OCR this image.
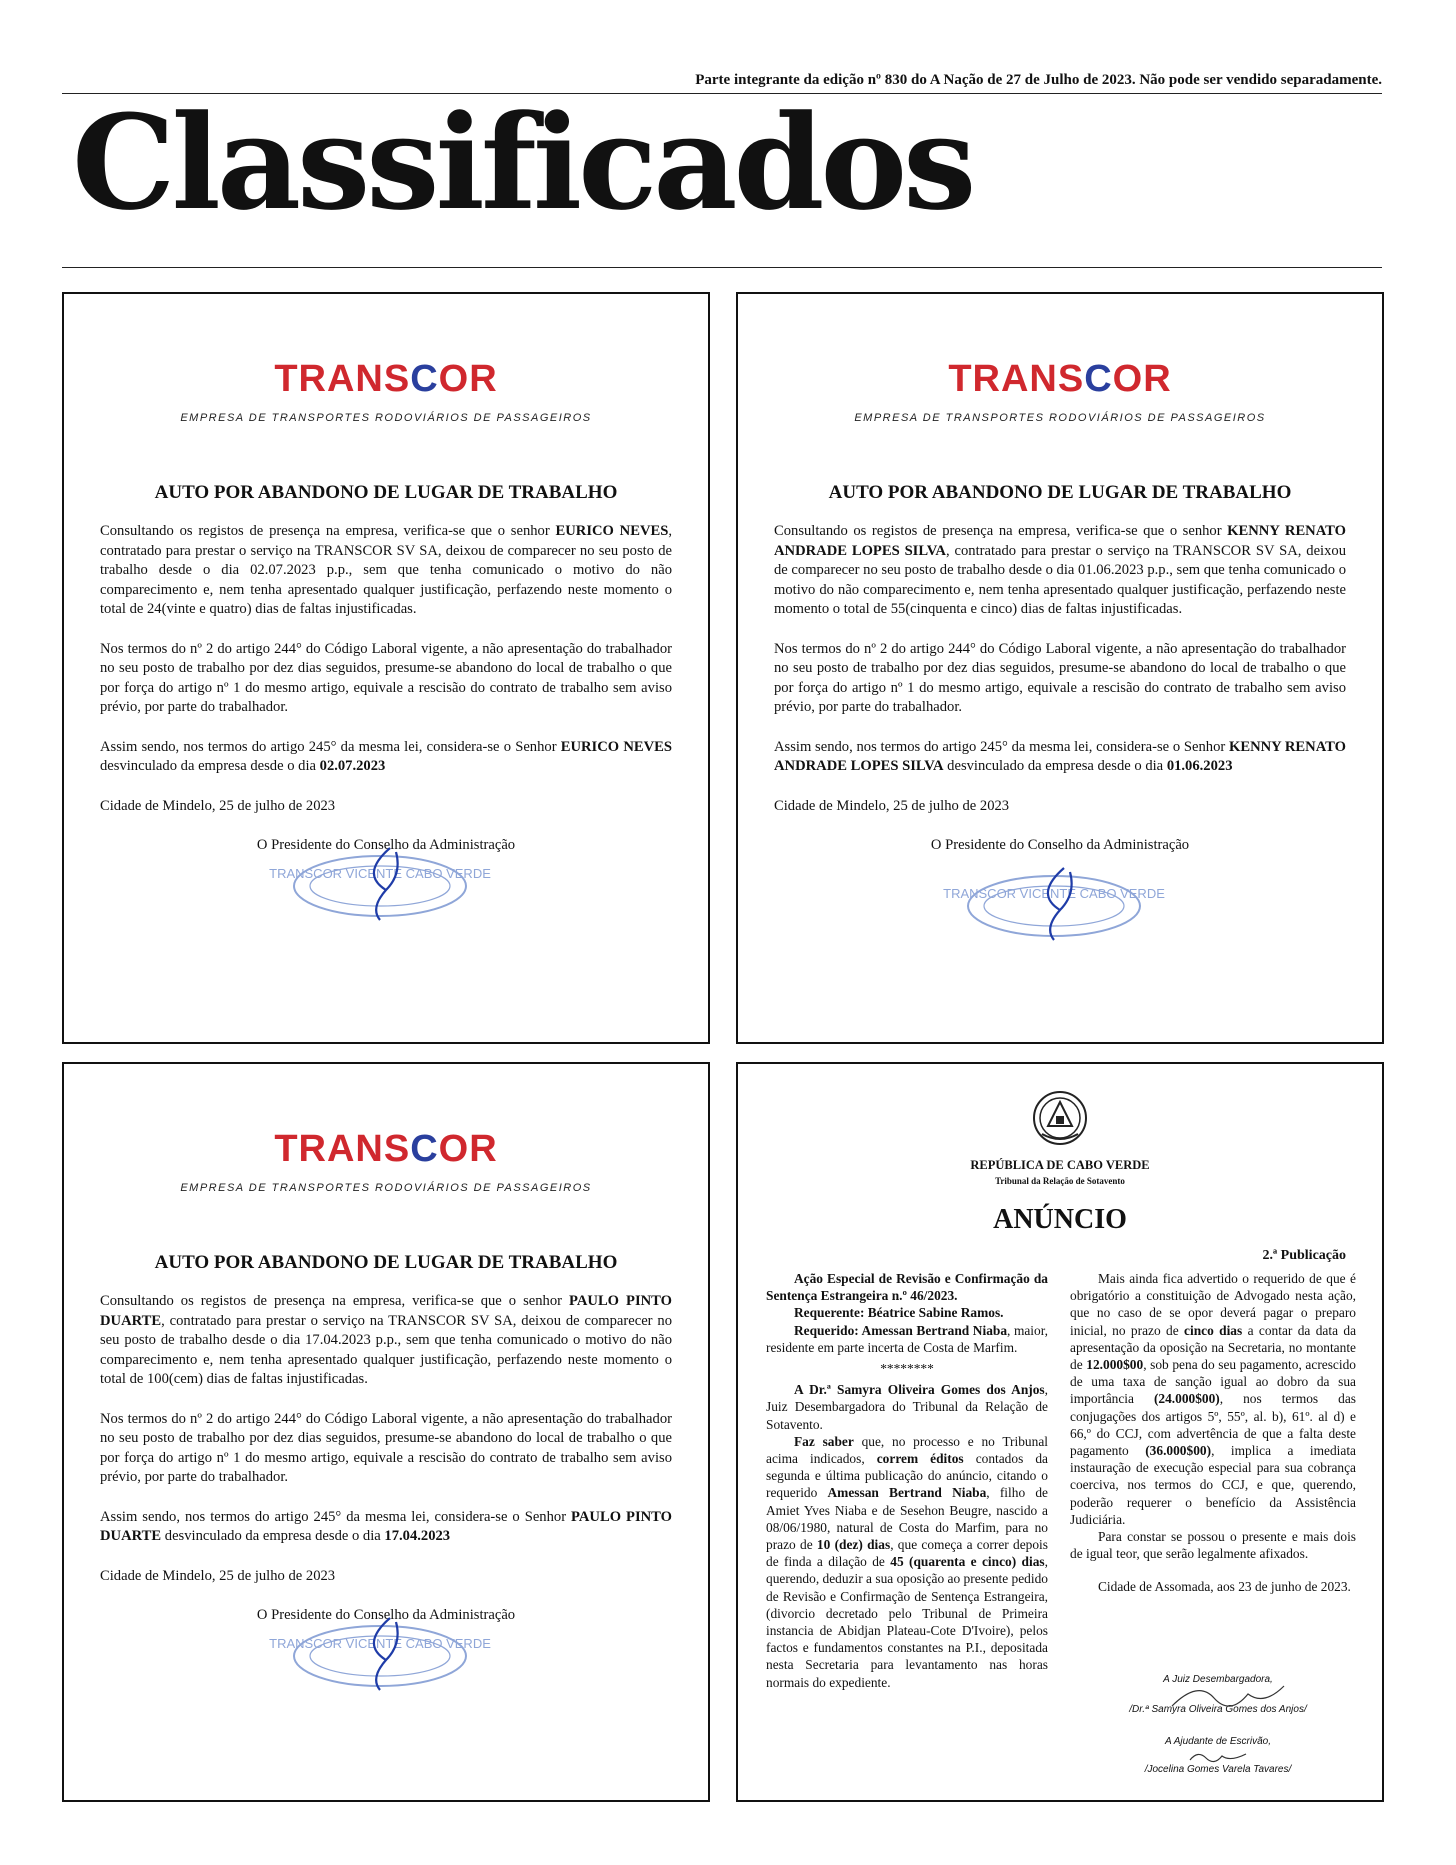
Parte integrante da edição nº 830 do A Nação de 27 de Julho de 2023. Não pode ser vendido separadamente.
Classificados
TRANSCOR
EMPRESA DE TRANSPORTES RODOVIÁRIOS DE PASSAGEIROS
AUTO POR ABANDONO DE LUGAR DE TRABALHO

Consultando os registos de presença na empresa, verifica-se que o senhor EURICO NEVES, contratado para prestar o serviço na TRANSCOR SV SA, deixou de comparecer no seu posto de trabalho desde o dia 02.07.2023 p.p., sem que tenha comunicado o motivo do não comparecimento e, nem tenha apresentado qualquer justificação, perfazendo neste momento o total de 24(vinte e quatro) dias de faltas injustificadas.

Nos termos do nº 2 do artigo 244° do Código Laboral vigente, a não apresentação do trabalhador no seu posto de trabalho por dez dias seguidos, presume-se abandono do local de trabalho o que por força do artigo nº 1 do mesmo artigo, equivale a rescisão do contrato de trabalho sem aviso prévio, por parte do trabalhador.

Assim sendo, nos termos do artigo 245° da mesma lei, considera-se o Senhor EURICO NEVES desvinculado da empresa desde o dia 02.07.2023

Cidade de Mindelo, 25 de julho de 2023

O Presidente do Conselho da Administração

TRANSCOR VICENTE CABO VERDE
TRANSCOR
EMPRESA DE TRANSPORTES RODOVIÁRIOS DE PASSAGEIROS
AUTO POR ABANDONO DE LUGAR DE TRABALHO

Consultando os registos de presença na empresa, verifica-se que o senhor KENNY RENATO ANDRADE LOPES SILVA, contratado para prestar o serviço na TRANSCOR SV SA, deixou de comparecer no seu posto de trabalho desde o dia 01.06.2023 p.p., sem que tenha comunicado o motivo do não comparecimento e, nem tenha apresentado qualquer justificação, perfazendo neste momento o total de 55(cinquenta e cinco) dias de faltas injustificadas.

Nos termos do nº 2 do artigo 244° do Código Laboral vigente, a não apresentação do trabalhador no seu posto de trabalho por dez dias seguidos, presume-se abandono do local de trabalho o que por força do artigo nº 1 do mesmo artigo, equivale a rescisão do contrato de trabalho sem aviso prévio, por parte do trabalhador.

Assim sendo, nos termos do artigo 245° da mesma lei, considera-se o Senhor KENNY RENATO ANDRADE LOPES SILVA desvinculado da empresa desde o dia 01.06.2023

Cidade de Mindelo, 25 de julho de 2023

O Presidente do Conselho da Administração

TRANSCOR VICENTE CABO VERDE
TRANSCOR
EMPRESA DE TRANSPORTES RODOVIÁRIOS DE PASSAGEIROS
AUTO POR ABANDONO DE LUGAR DE TRABALHO

Consultando os registos de presença na empresa, verifica-se que o senhor PAULO PINTO DUARTE, contratado para prestar o serviço na TRANSCOR SV SA, deixou de comparecer no seu posto de trabalho desde o dia 17.04.2023 p.p., sem que tenha comunicado o motivo do não comparecimento e, nem tenha apresentado qualquer justificação, perfazendo neste momento o total de 100(cem) dias de faltas injustificadas.

Nos termos do nº 2 do artigo 244° do Código Laboral vigente, a não apresentação do trabalhador no seu posto de trabalho por dez dias seguidos, presume-se abandono do local de trabalho o que por força do artigo nº 1 do mesmo artigo, equivale a rescisão do contrato de trabalho sem aviso prévio, por parte do trabalhador.

Assim sendo, nos termos do artigo 245° da mesma lei, considera-se o Senhor PAULO PINTO DUARTE desvinculado da empresa desde o dia 17.04.2023

Cidade de Mindelo, 25 de julho de 2023

O Presidente do Conselho da Administração

TRANSCOR VICENTE CABO VERDE
REPÚBLICA DE CABO VERDE
Tribunal da Relação de Sotavento
ANÚNCIO
2.ª Publicação

Ação Especial de Revisão e Confirmação da Sentença Estrangeira n.º 46/2023.

Requerente: Béatrice Sabine Ramos.

Requerido: Amessan Bertrand Niaba, maior, residente em parte incerta de Costa de Marfim.

********

A Dr.ª Samyra Oliveira Gomes dos Anjos, Juiz Desembargadora do Tribunal da Relação de Sotavento.

Faz saber que, no processo e no Tribunal acima indicados, correm éditos contados da segunda e última publicação do anúncio, citando o requerido Amessan Bertrand Niaba, filho de Amiet Yves Niaba e de Sesehon Beugre, nascido a 08/06/1980, natural de Costa do Marfim, para no prazo de 10 (dez) dias, que começa a correr depois de finda a dilação de 45 (quarenta e cinco) dias, querendo, deduzir a sua oposição ao presente pedido de Revisão e Confirmação de Sentença Estrangeira, (divorcio decretado pelo Tribunal de Primeira instancia de Abidjan Plateau-Cote D'Ivoire), pelos factos e fundamentos constantes na P.I., depositada nesta Secretaria para levantamento nas horas normais do expediente.

Mais ainda fica advertido o requerido de que é obrigatório a constituição de Advogado nesta ação, que no caso de se opor deverá pagar o preparo inicial, no prazo de cinco dias a contar da data da apresentação da oposição na Secretaria, no montante de 12.000$00, sob pena do seu pagamento, acrescido de uma taxa de sanção igual ao dobro da sua importância (24.000$00), nos termos das conjugações dos artigos 5º, 55º, al. b), 61º. al d) e 66,º do CCJ, com advertência de que a falta deste pagamento (36.000$00), implica a imediata instauração de execução especial para sua cobrança coerciva, nos termos do CCJ, e que, querendo, poderão requerer o benefício da Assistência Judiciária.

Para constar se possou o presente e mais dois de igual teor, que serão legalmente afixados.

Cidade de Assomada, aos 23 de junho de 2023.

A Juiz Desembargadora,
/Dr.ª Samyra Oliveira Gomes dos Anjos/
A Ajudante de Escrivão,
/Jocelina Gomes Varela Tavares/
